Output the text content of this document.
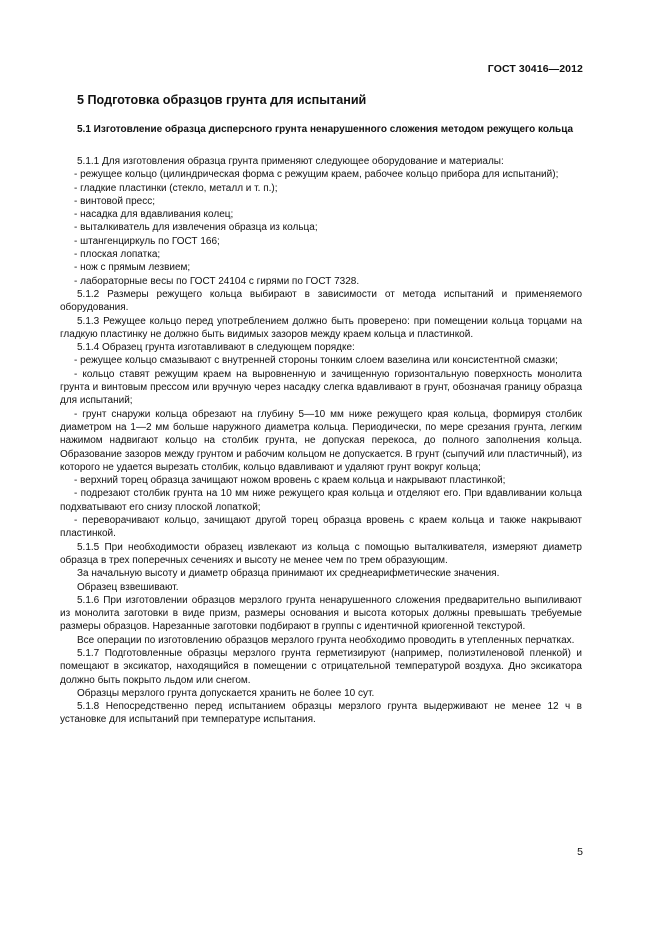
ГОСТ 30416—2012
5 Подготовка образцов грунта для испытаний
5.1 Изготовление образца дисперсного грунта ненарушенного сложения методом режущего кольца

5.1.1 Для изготовления образца грунта применяют следующее оборудование и материалы:

- режущее кольцо (цилиндрическая форма с режущим краем, рабочее кольцо прибора для испытаний);

- гладкие пластинки (стекло, металл и т. п.);

- винтовой пресс;

- насадка для вдавливания колец;

- выталкиватель для извлечения образца из кольца;

- штангенциркуль по ГОСТ 166;

- плоская лопатка;

- нож с прямым лезвием;

- лабораторные весы по ГОСТ 24104 с гирями по ГОСТ 7328.

5.1.2 Размеры режущего кольца выбирают в зависимости от метода испытаний и применяемого оборудования.

5.1.3 Режущее кольцо перед употреблением должно быть проверено: при помещении кольца торцами на гладкую пластинку не должно быть видимых зазоров между краем кольца и пластинкой.

5.1.4 Образец грунта изготавливают в следующем порядке:

- режущее кольцо смазывают с внутренней стороны тонким слоем вазелина или консистентной смазки;

- кольцо ставят режущим краем на выровненную и зачищенную горизонтальную поверхность монолита грунта и винтовым прессом или вручную через насадку слегка вдавливают в грунт, обозначая границу образца для испытаний;

- грунт снаружи кольца обрезают на глубину 5—10 мм ниже режущего края кольца, формируя столбик диаметром на 1—2 мм больше наружного диаметра кольца. Периодически, по мере срезания грунта, легким нажимом надвигают кольцо на столбик грунта, не допуская перекоса, до полного заполнения кольца. Образование зазоров между грунтом и рабочим кольцом не допускается. В грунт (сыпучий или пластичный), из которого не удается вырезать столбик, кольцо вдавливают и удаляют грунт вокруг кольца;

- верхний торец образца зачищают ножом вровень с краем кольца и накрывают пластинкой;

- подрезают столбик грунта на 10 мм ниже режущего края кольца и отделяют его. При вдавливании кольца подхватывают его снизу плоской лопаткой;

- переворачивают кольцо, зачищают другой торец образца вровень с краем кольца и также накрывают пластинкой.

5.1.5 При необходимости образец извлекают из кольца с помощью выталкивателя, измеряют диаметр образца в трех поперечных сечениях и высоту не менее чем по трем образующим.

За начальную высоту и диаметр образца принимают их среднеарифметические значения.

Образец взвешивают.

5.1.6 При изготовлении образцов мерзлого грунта ненарушенного сложения предварительно выпиливают из монолита заготовки в виде призм, размеры основания и высота которых должны превышать требуемые размеры образцов. Нарезанные заготовки подбирают в группы с идентичной криогенной текстурой.

Все операции по изготовлению образцов мерзлого грунта необходимо проводить в утепленных перчатках.

5.1.7 Подготовленные образцы мерзлого грунта герметизируют (например, полиэтиленовой пленкой) и помещают в эксикатор, находящийся в помещении с отрицательной температурой воздуха. Дно эксикатора должно быть покрыто льдом или снегом.

Образцы мерзлого грунта допускается хранить не более 10 сут.

5.1.8 Непосредственно перед испытанием образцы мерзлого грунта выдерживают не менее 12 ч в установке для испытаний при температуре испытания.

5
